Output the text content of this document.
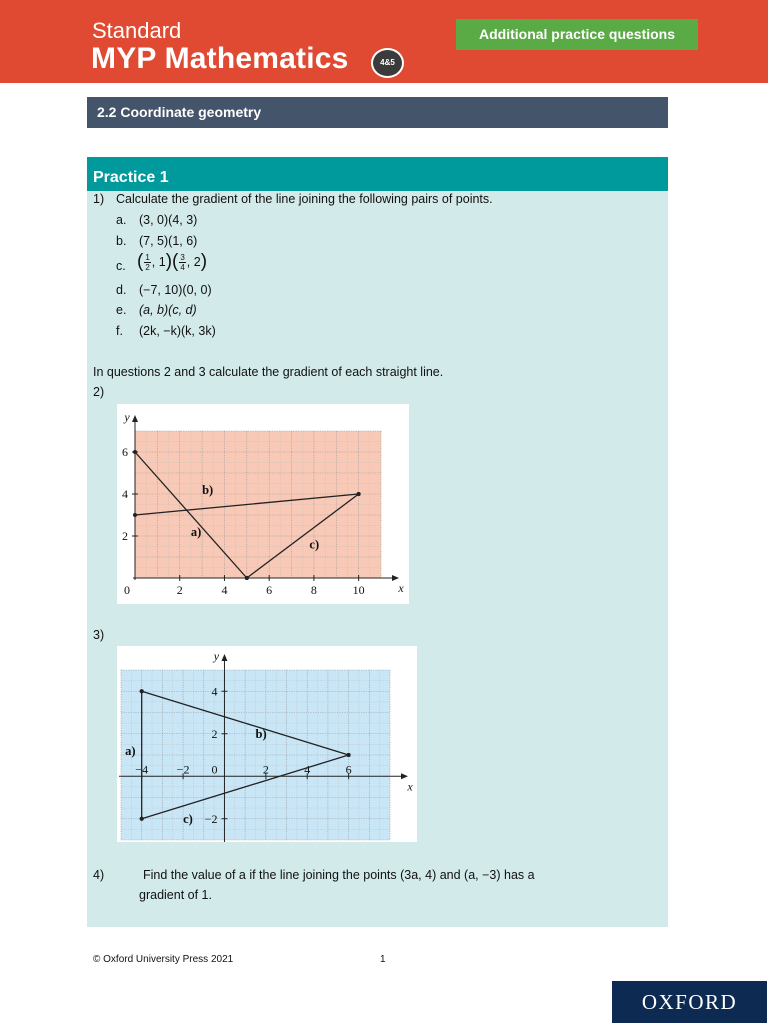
Standard
MYP Mathematics	4&5
Additional practice questions
2.2 Coordinate geometry
Practice 1
1) Calculate the gradient of the line joining the following pairs of points.
a. (3, 0)(4, 3)
b. (7, 5)(1, 6)
c. ( $\frac{1}{2}$ , $1)( \frac{3}{4}$ , 2)
d. (−7, 10)(0, 0)
e. (a, b)(c, d)
f. (2k, −k)(k, 3k)
In questions 2 and 3 calculate the gradient of each straight line.
2)
x
y
0	2	4	6	8	10
2
4
6
a)
b)
c)
3)
x
y
−4 −2 0	2	4	6
−2
2
4
a)
b)
c)
4)	Find the value of a if the line joining the points (3a, 4) and (a, −3) has a
gradient of 1.
© Oxford University Press 2021	1
OXFORD
